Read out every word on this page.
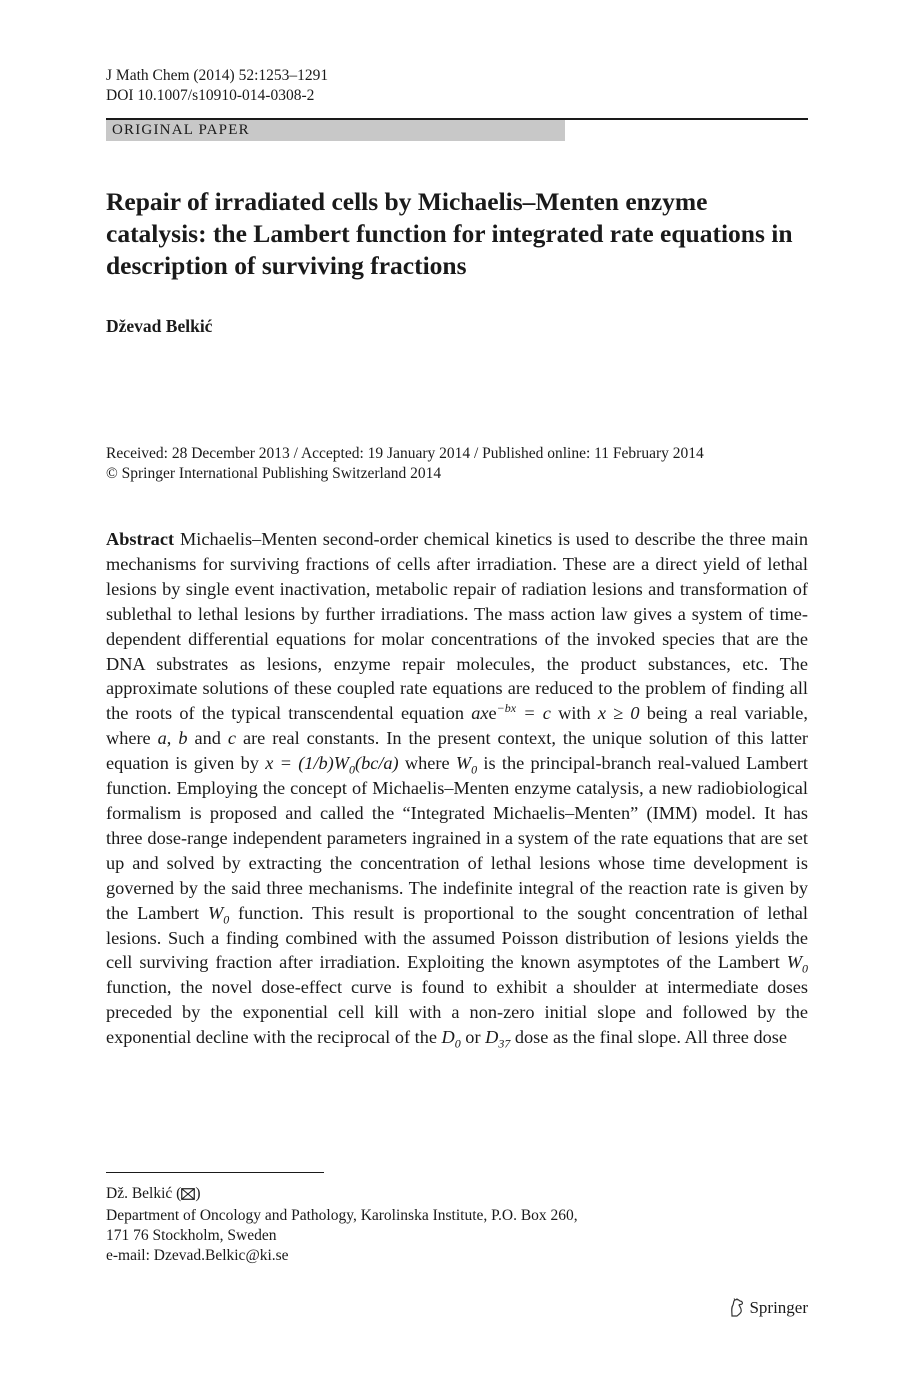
J Math Chem (2014) 52:1253–1291
DOI 10.1007/s10910-014-0308-2
ORIGINAL PAPER
Repair of irradiated cells by Michaelis–Menten enzyme catalysis: the Lambert function for integrated rate equations in description of surviving fractions
Dževad Belkić
Received: 28 December 2013 / Accepted: 19 January 2014 / Published online: 11 February 2014
© Springer International Publishing Switzerland 2014

Abstract Michaelis–Menten second-order chemical kinetics is used to describe the three main mechanisms for surviving fractions of cells after irradiation. These are a direct yield of lethal lesions by single event inactivation, metabolic repair of radiation lesions and transformation of sublethal to lethal lesions by further irradiations. The mass action law gives a system of time-dependent differential equations for molar concentrations of the invoked species that are the DNA substrates as lesions, enzyme repair molecules, the product substances, etc. The approximate solutions of these coupled rate equations are reduced to the problem of finding all the roots of the typical transcendental equation axe$^{-bx}$ = c with x ≥ 0 being a real variable, where a, b and c are real constants. In the present context, the unique solution of this latter equation is given by $x = (1/b)W_0(bc/a)$ where $W_0$ is the principal-branch real-valued Lambert function. Employing the concept of Michaelis–Menten enzyme catalysis, a new radiobiological formalism is proposed and called the “Integrated Michaelis–Menten” (IMM) model. It has three dose-range independent parameters ingrained in a system of the rate equations that are set up and solved by extracting the concentration of lethal lesions whose time development is governed by the said three mechanisms. The indefinite integral of the reaction rate is given by the Lambert $W_0$ function. This result is proportional to the sought concentration of lethal lesions. Such a finding combined with the assumed Poisson distribution of lesions yields the cell surviving fraction after irradiation. Exploiting the known asymptotes of the Lambert $W_0$ function, the novel dose-effect curve is found to exhibit a shoulder at intermediate doses preceded by the exponential cell kill with a non-zero initial slope and followed by the exponential decline with the reciprocal of the $D_0$ or $D_{37}$ dose as the final slope. All three dose

Dž. Belkić ( )
Department of Oncology and Pathology, Karolinska Institute, P.O. Box 260,
171 76 Stockholm, Sweden
e-mail: Dzevad.Belkic@ki.se
Springer
